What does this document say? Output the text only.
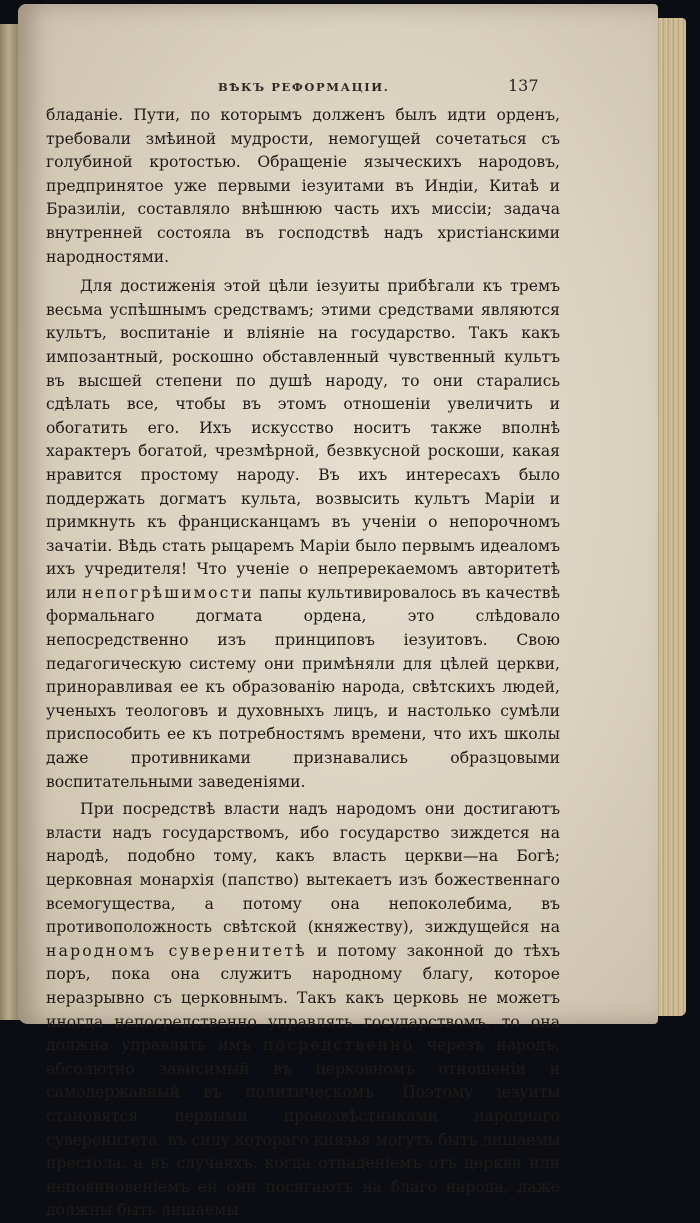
ВѢКЪ РЕФОРМАЦІИ.	137

бладаніе. Пути, по которымъ долженъ былъ идти орденъ, требовали змѣиной мудрости, немогущей сочетаться съ голубиной кротостью. Обращеніе языческихъ народовъ, предпринятое уже первыми іезуитами въ Индіи, Китаѣ и Бразиліи, составляло внѣшнюю часть ихъ миссіи; задача внутренней состояла въ господствѣ надъ христіанскими народностями.

Для достиженія этой цѣли іезуиты прибѣгали къ тремъ весьма успѣшнымъ средствамъ; этими средствами являются культъ, воспитаніе и вліяніе на государство. Такъ какъ импозантный, роскошно обставленный чувственный культъ въ высшей степени по душѣ народу, то они старались сдѣлать все, чтобы въ этомъ отношеніи увеличить и обогатить его. Ихъ искусство носитъ также вполнѣ характеръ богатой, чрезмѣрной, безвкусной роскоши, какая нравится простому народу. Въ ихъ интересахъ было поддержать догматъ культа, возвысить культъ Маріи и примкнуть къ францисканцамъ въ ученіи о непорочномъ зачатіи. Вѣдь стать рыцаремъ Маріи было первымъ идеаломъ ихъ учредителя! Что ученіе о непререкаемомъ авторитетѣ или непогрѣшимости папы культивировалось въ качествѣ формальнаго догмата ордена, это слѣдовало непосредственно изъ принциповъ іезуитовъ. Свою педагогическую систему они примѣняли для цѣлей церкви, приноравливая ее къ образованію народа, свѣтскихъ людей, ученыхъ теологовъ и духовныхъ лицъ, и настолько сумѣли приспособить ее къ потребностямъ времени, что ихъ школы даже противниками признавались образцовыми воспитательными заведеніями.

При посредствѣ власти надъ народомъ они достигаютъ власти надъ государствомъ, ибо государство зиждется на народѣ, подобно тому, какъ власть церкви—на Богѣ; церковная монархія (папство) вытекаетъ изъ божественнаго всемогущества, а потому она непоколебима, въ противоположность свѣтской (княжеству), зиждущейся на народномъ суверенитетѣ и потому законной до тѣхъ поръ, пока она служитъ народному благу, которое неразрывно съ церковнымъ. Такъ какъ церковь не можетъ иногда непосредственно управлять государствомъ, то она должна управлять имъ посредственно черезъ народъ, абсолютно зависимый въ церковномъ отношеніи и самодержавный въ политическомъ. Поэтому іезуиты становятся первыми провозвѣстниками народнаго суверенитета, въ силу котораго князья могутъ быть лишаемы престола, а въ случаяхъ, когда отпаденіемъ отъ церкви или неповиновеніемъ ей они посягаютъ на благо народа, даже должны быть лишаемы
